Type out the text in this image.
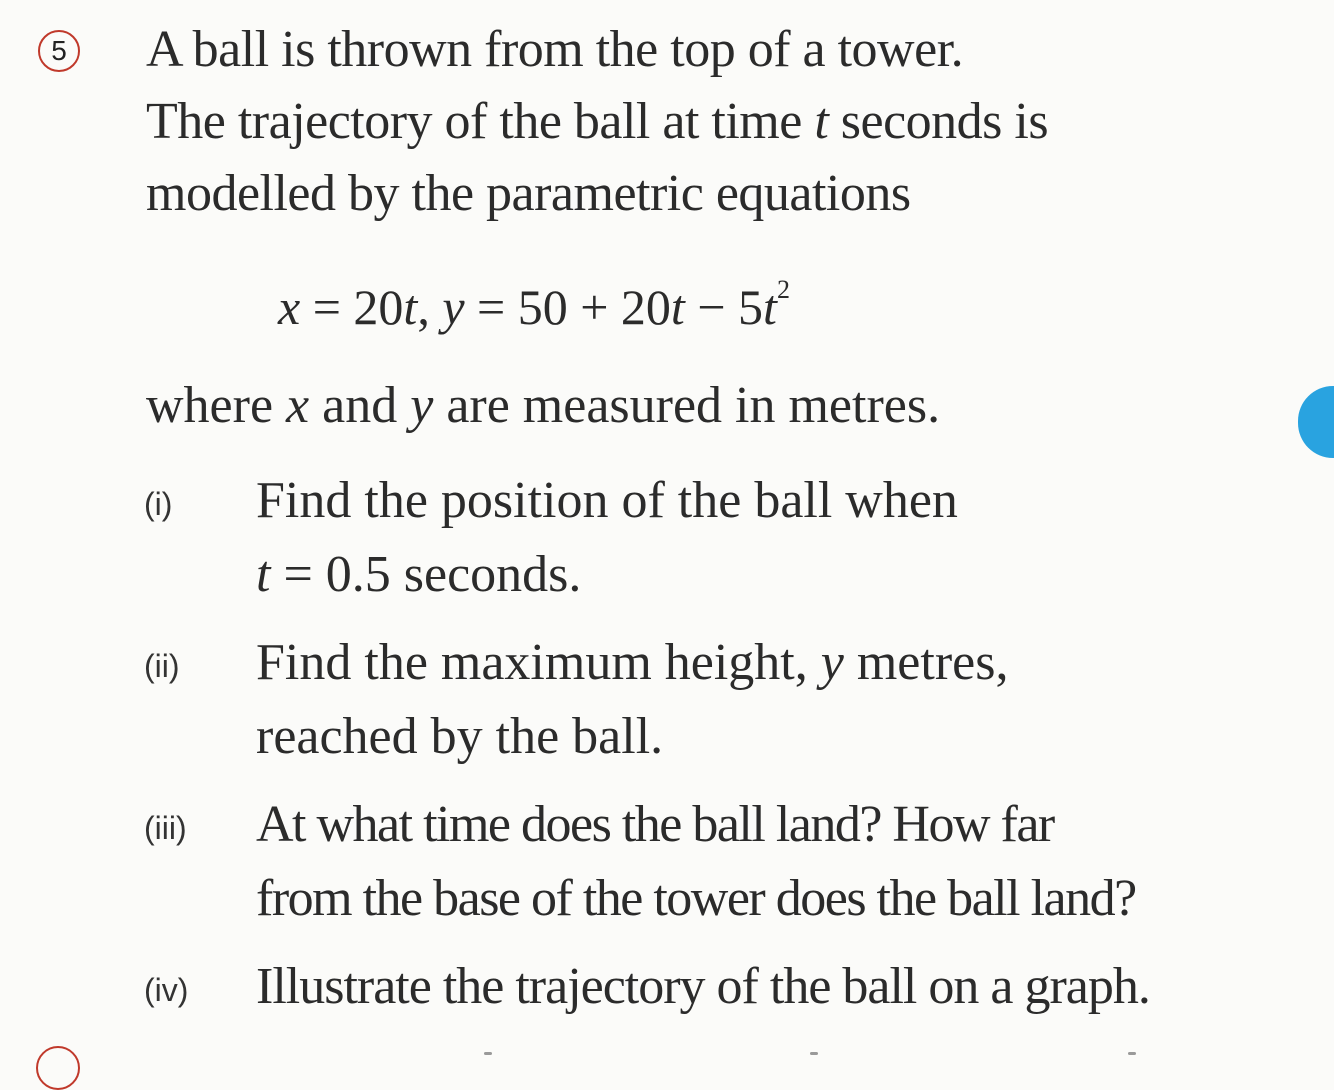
5 A ball is thrown from the top of a tower.
The trajectory of the ball at time t seconds is
modelled by the parametric equations

x = 20t, $y = 50 + 20t - 5t^2$

where x and y are measured in metres.

(i) Find the position of the ball when
t = 0.5 seconds.

(ii) Find the maximum height, y metres,
reached by the ball.

(iii) At what time does the ball land? How far
from the base of the tower does the ball land?

(iv) Illustrate the trajectory of the ball on a graph.
